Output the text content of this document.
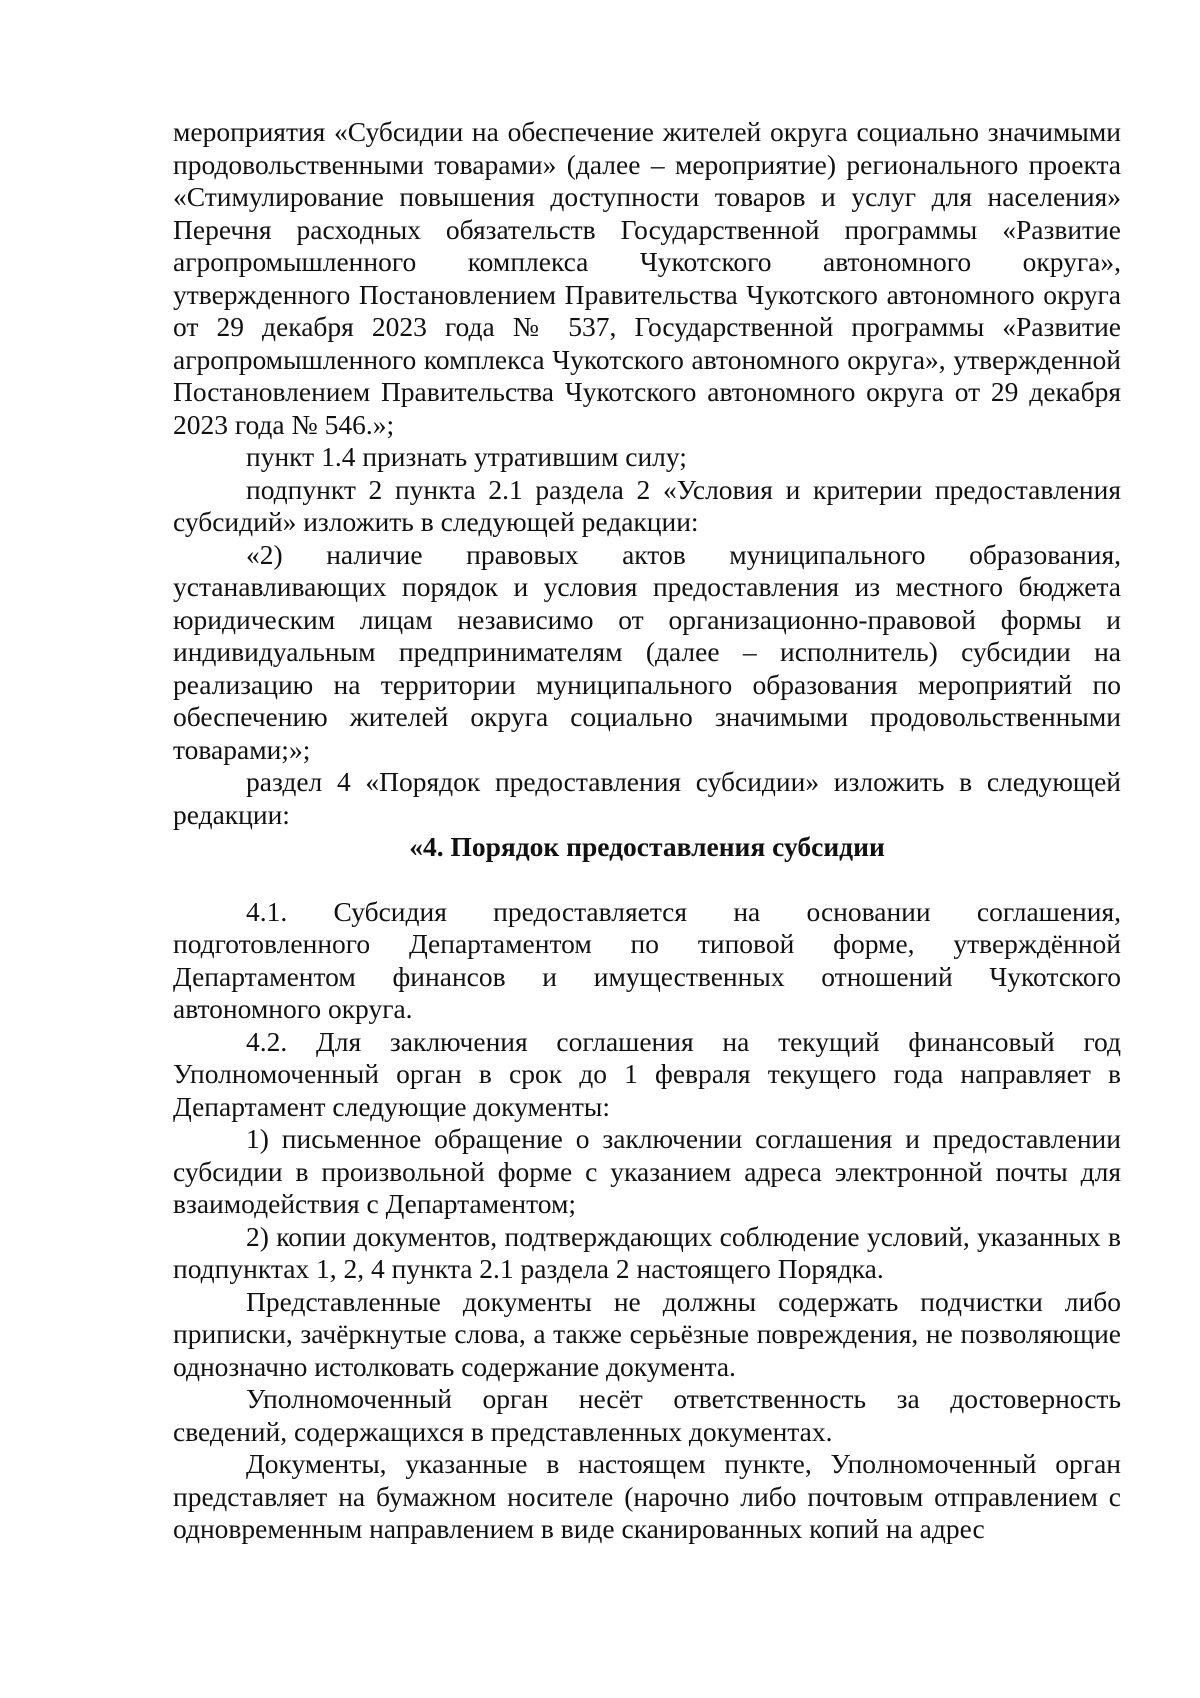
мероприятия «Субсидии на обеспечение жителей округа социально значимыми продовольственными товарами» (далее – мероприятие) регионального проекта «Стимулирование повышения доступности товаров и услуг для населения» Перечня расходных обязательств Государственной программы «Развитие агропромышленного комплекса Чукотского автономного округа», утвержденного Постановлением Правительства Чукотского автономного округа от 29 декабря 2023 года № 537, Государственной программы «Развитие агропромышленного комплекса Чукотского автономного округа», утвержденной Постановлением Правительства Чукотского автономного округа от 29 декабря 2023 года № 546.»;

пункт 1.4 признать утратившим силу;

подпункт 2 пункта 2.1 раздела 2 «Условия и критерии предоставления субсидий» изложить в следующей редакции:

«2) наличие правовых актов муниципального образования, устанавливающих порядок и условия предоставления из местного бюджета юридическим лицам независимо от организационно-правовой формы и индивидуальным предпринимателям (далее – исполнитель) субсидии на реализацию на территории муниципального образования мероприятий по обеспечению жителей округа социально значимыми продовольственными товарами;»;

раздел 4 «Порядок предоставления субсидии» изложить в следующей редакции:

«4. Порядок предоставления субсидии

4.1. Субсидия предоставляется на основании соглашения, подготовленного Департаментом по типовой форме, утверждённой Департаментом финансов и имущественных отношений Чукотского автономного округа.

4.2. Для заключения соглашения на текущий финансовый год Уполномоченный орган в срок до 1 февраля текущего года направляет в Департамент следующие документы:

1) письменное обращение о заключении соглашения и предоставлении субсидии в произвольной форме с указанием адреса электронной почты для взаимодействия с Департаментом;

2) копии документов, подтверждающих соблюдение условий, указанных в подпунктах 1, 2, 4 пункта 2.1 раздела 2 настоящего Порядка.

Представленные документы не должны содержать подчистки либо приписки, зачёркнутые слова, а также серьёзные повреждения, не позволяющие однозначно истолковать содержание документа.

Уполномоченный орган несёт ответственность за достоверность сведений, содержащихся в представленных документах.

Документы, указанные в настоящем пункте, Уполномоченный орган представляет на бумажном носителе (нарочно либо почтовым отправлением с одновременным направлением в виде сканированных копий на адрес
